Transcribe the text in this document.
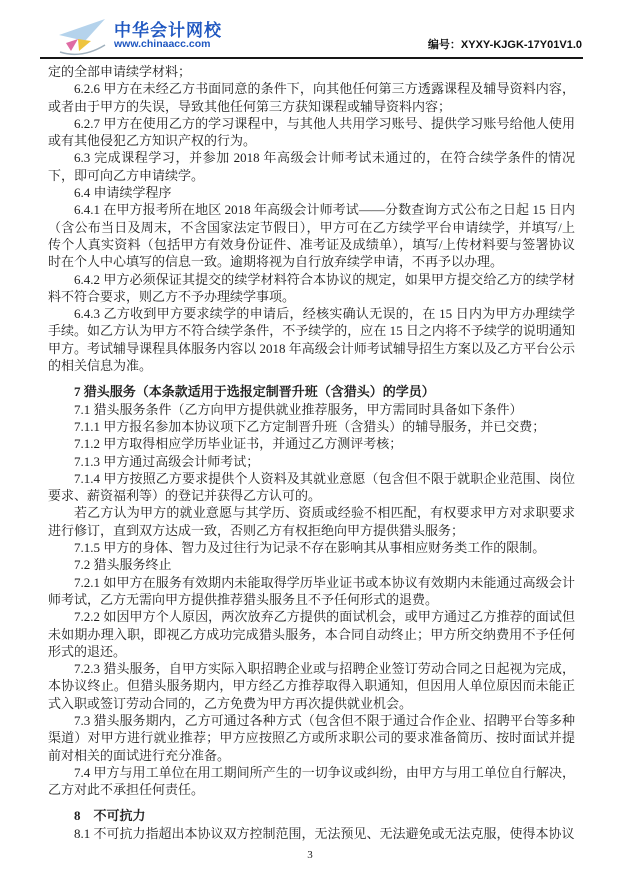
中华会计网校
www.chinaacc.com	编号：XYXY-KJGK-17Y01V1.0

定的全部申请续学材料；

6.2.6 甲方在未经乙方书面同意的条件下，向其他任何第三方透露课程及辅导资料内容，或者由于甲方的失误，导致其他任何第三方获知课程或辅导资料内容；

6.2.7 甲方在使用乙方的学习课程中，与其他人共用学习账号、提供学习账号给他人使用或有其他侵犯乙方知识产权的行为。

6.3 完成课程学习，并参加 2018 年高级会计师考试未通过的，在符合续学条件的情况下，即可向乙方申请续学。

6.4 申请续学程序

6.4.1 在甲方报考所在地区 2018 年高级会计师考试——分数查询方式公布之日起 15 日内（含公布当日及周末，不含国家法定节假日），甲方可在乙方续学平台申请续学，并填写/上传个人真实资料（包括甲方有效身份证件、准考证及成绩单），填写/上传材料要与签署协议时在个人中心填写的信息一致。逾期将视为自行放弃续学申请，不再予以办理。

6.4.2 甲方必须保证其提交的续学材料符合本协议的规定，如果甲方提交给乙方的续学材料不符合要求，则乙方不予办理续学事项。

6.4.3 乙方收到甲方要求续学的申请后，经核实确认无误的，在 15 日内为甲方办理续学手续。如乙方认为甲方不符合续学条件，不予续学的，应在 15 日之内将不予续学的说明通知甲方。考试辅导课程具体服务内容以 2018 年高级会计师考试辅导招生方案以及乙方平台公示的相关信息为准。

7 猎头服务（本条款适用于选报定制晋升班（含猎头）的学员）

7.1 猎头服务条件（乙方向甲方提供就业推荐服务，甲方需同时具备如下条件）

7.1.1 甲方报名参加本协议项下乙方定制晋升班（含猎头）的辅导服务，并已交费；

7.1.2 甲方取得相应学历毕业证书，并通过乙方测评考核；

7.1.3 甲方通过高级会计师考试；

7.1.4 甲方按照乙方要求提供个人资料及其就业意愿（包含但不限于就职企业范围、岗位要求、薪资福利等）的登记并获得乙方认可的。

若乙方认为甲方的就业意愿与其学历、资质或经验不相匹配，有权要求甲方对求职要求进行修订，直到双方达成一致，否则乙方有权拒绝向甲方提供猎头服务；

7.1.5 甲方的身体、智力及过往行为记录不存在影响其从事相应财务类工作的限制。

7.2 猎头服务终止

7.2.1 如甲方在服务有效期内未能取得学历毕业证书或本协议有效期内未能通过高级会计师考试，乙方无需向甲方提供推荐猎头服务且不予任何形式的退费。

7.2.2 如因甲方个人原因，两次放弃乙方提供的面试机会，或甲方通过乙方推荐的面试但未如期办理入职，即视乙方成功完成猎头服务，本合同自动终止；甲方所交纳费用不予任何形式的退还。

7.2.3 猎头服务，自甲方实际入职招聘企业或与招聘企业签订劳动合同之日起视为完成，本协议终止。但猎头服务期内，甲方经乙方推荐取得入职通知，但因用人单位原因而未能正式入职或签订劳动合同的，乙方免费为甲方再次提供就业机会。

7.3 猎头服务期内，乙方可通过各种方式（包含但不限于通过合作企业、招聘平台等多种渠道）对甲方进行就业推荐；甲方应按照乙方或所求职公司的要求准备简历、按时面试并提前对相关的面试进行充分准备。

7.4 甲方与用工单位在用工期间所产生的一切争议或纠纷，由甲方与用工单位自行解决，乙方对此不承担任何责任。

8　不可抗力

8.1 不可抗力指超出本协议双方控制范围，无法预见、无法避免或无法克服，使得本协议

3
